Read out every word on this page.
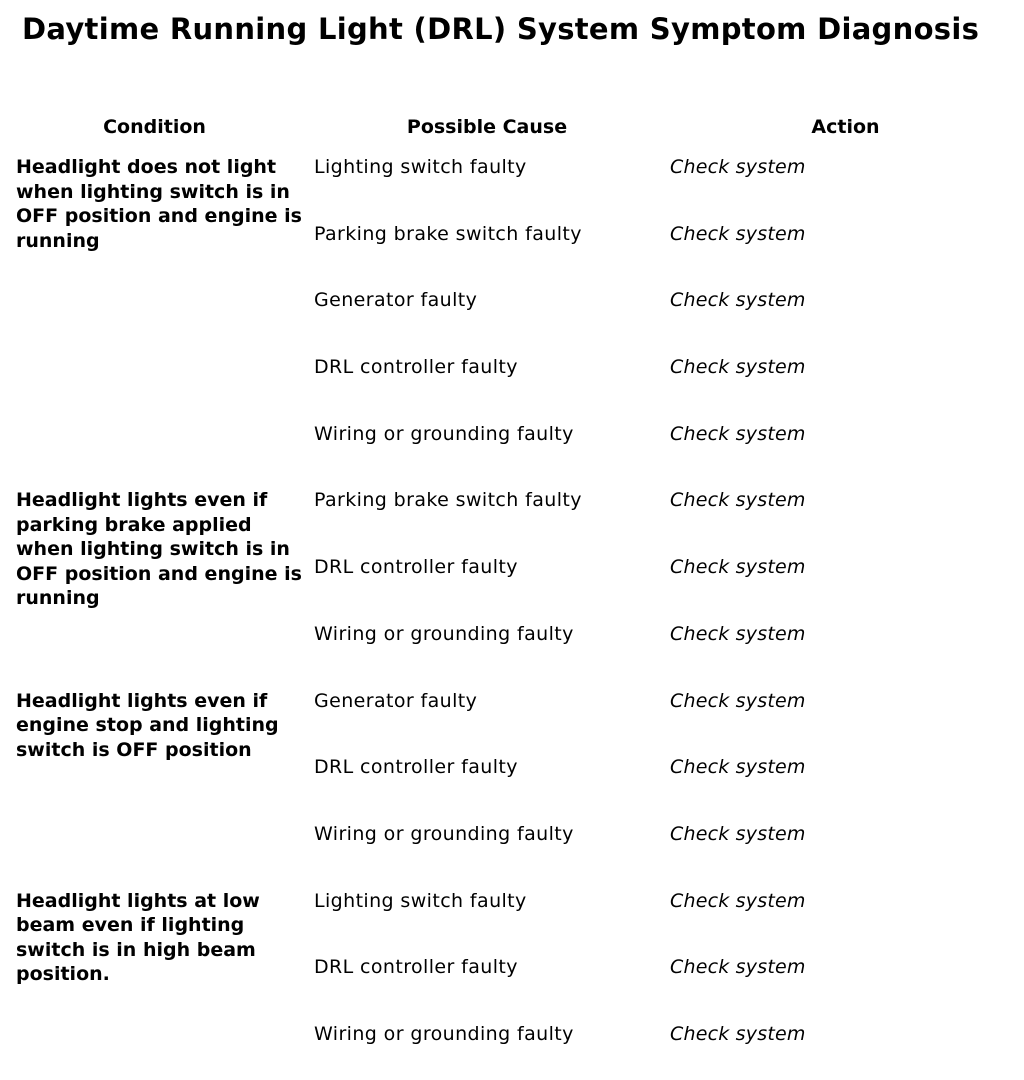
Daytime Running Light (DRL) System Symptom Diagnosis
Condition	Possible Cause	Action
Headlight does not light when lighting switch is in OFF position and engine is running	Lighting switch faulty	Check system
	Parking brake switch faulty	Check system
	Generator faulty	Check system
	DRL controller faulty	Check system
	Wiring or grounding faulty	Check system
Headlight lights even if parking brake applied when lighting switch is in OFF position and engine is running	Parking brake switch faulty	Check system
	DRL controller faulty	Check system
	Wiring or grounding faulty	Check system
Headlight lights even if engine stop and lighting switch is OFF position	Generator faulty	Check system
	DRL controller faulty	Check system
	Wiring or grounding faulty	Check system
Headlight lights at low beam even if lighting switch is in high beam position.	Lighting switch faulty	Check system
	DRL controller faulty	Check system
	Wiring or grounding faulty	Check system
